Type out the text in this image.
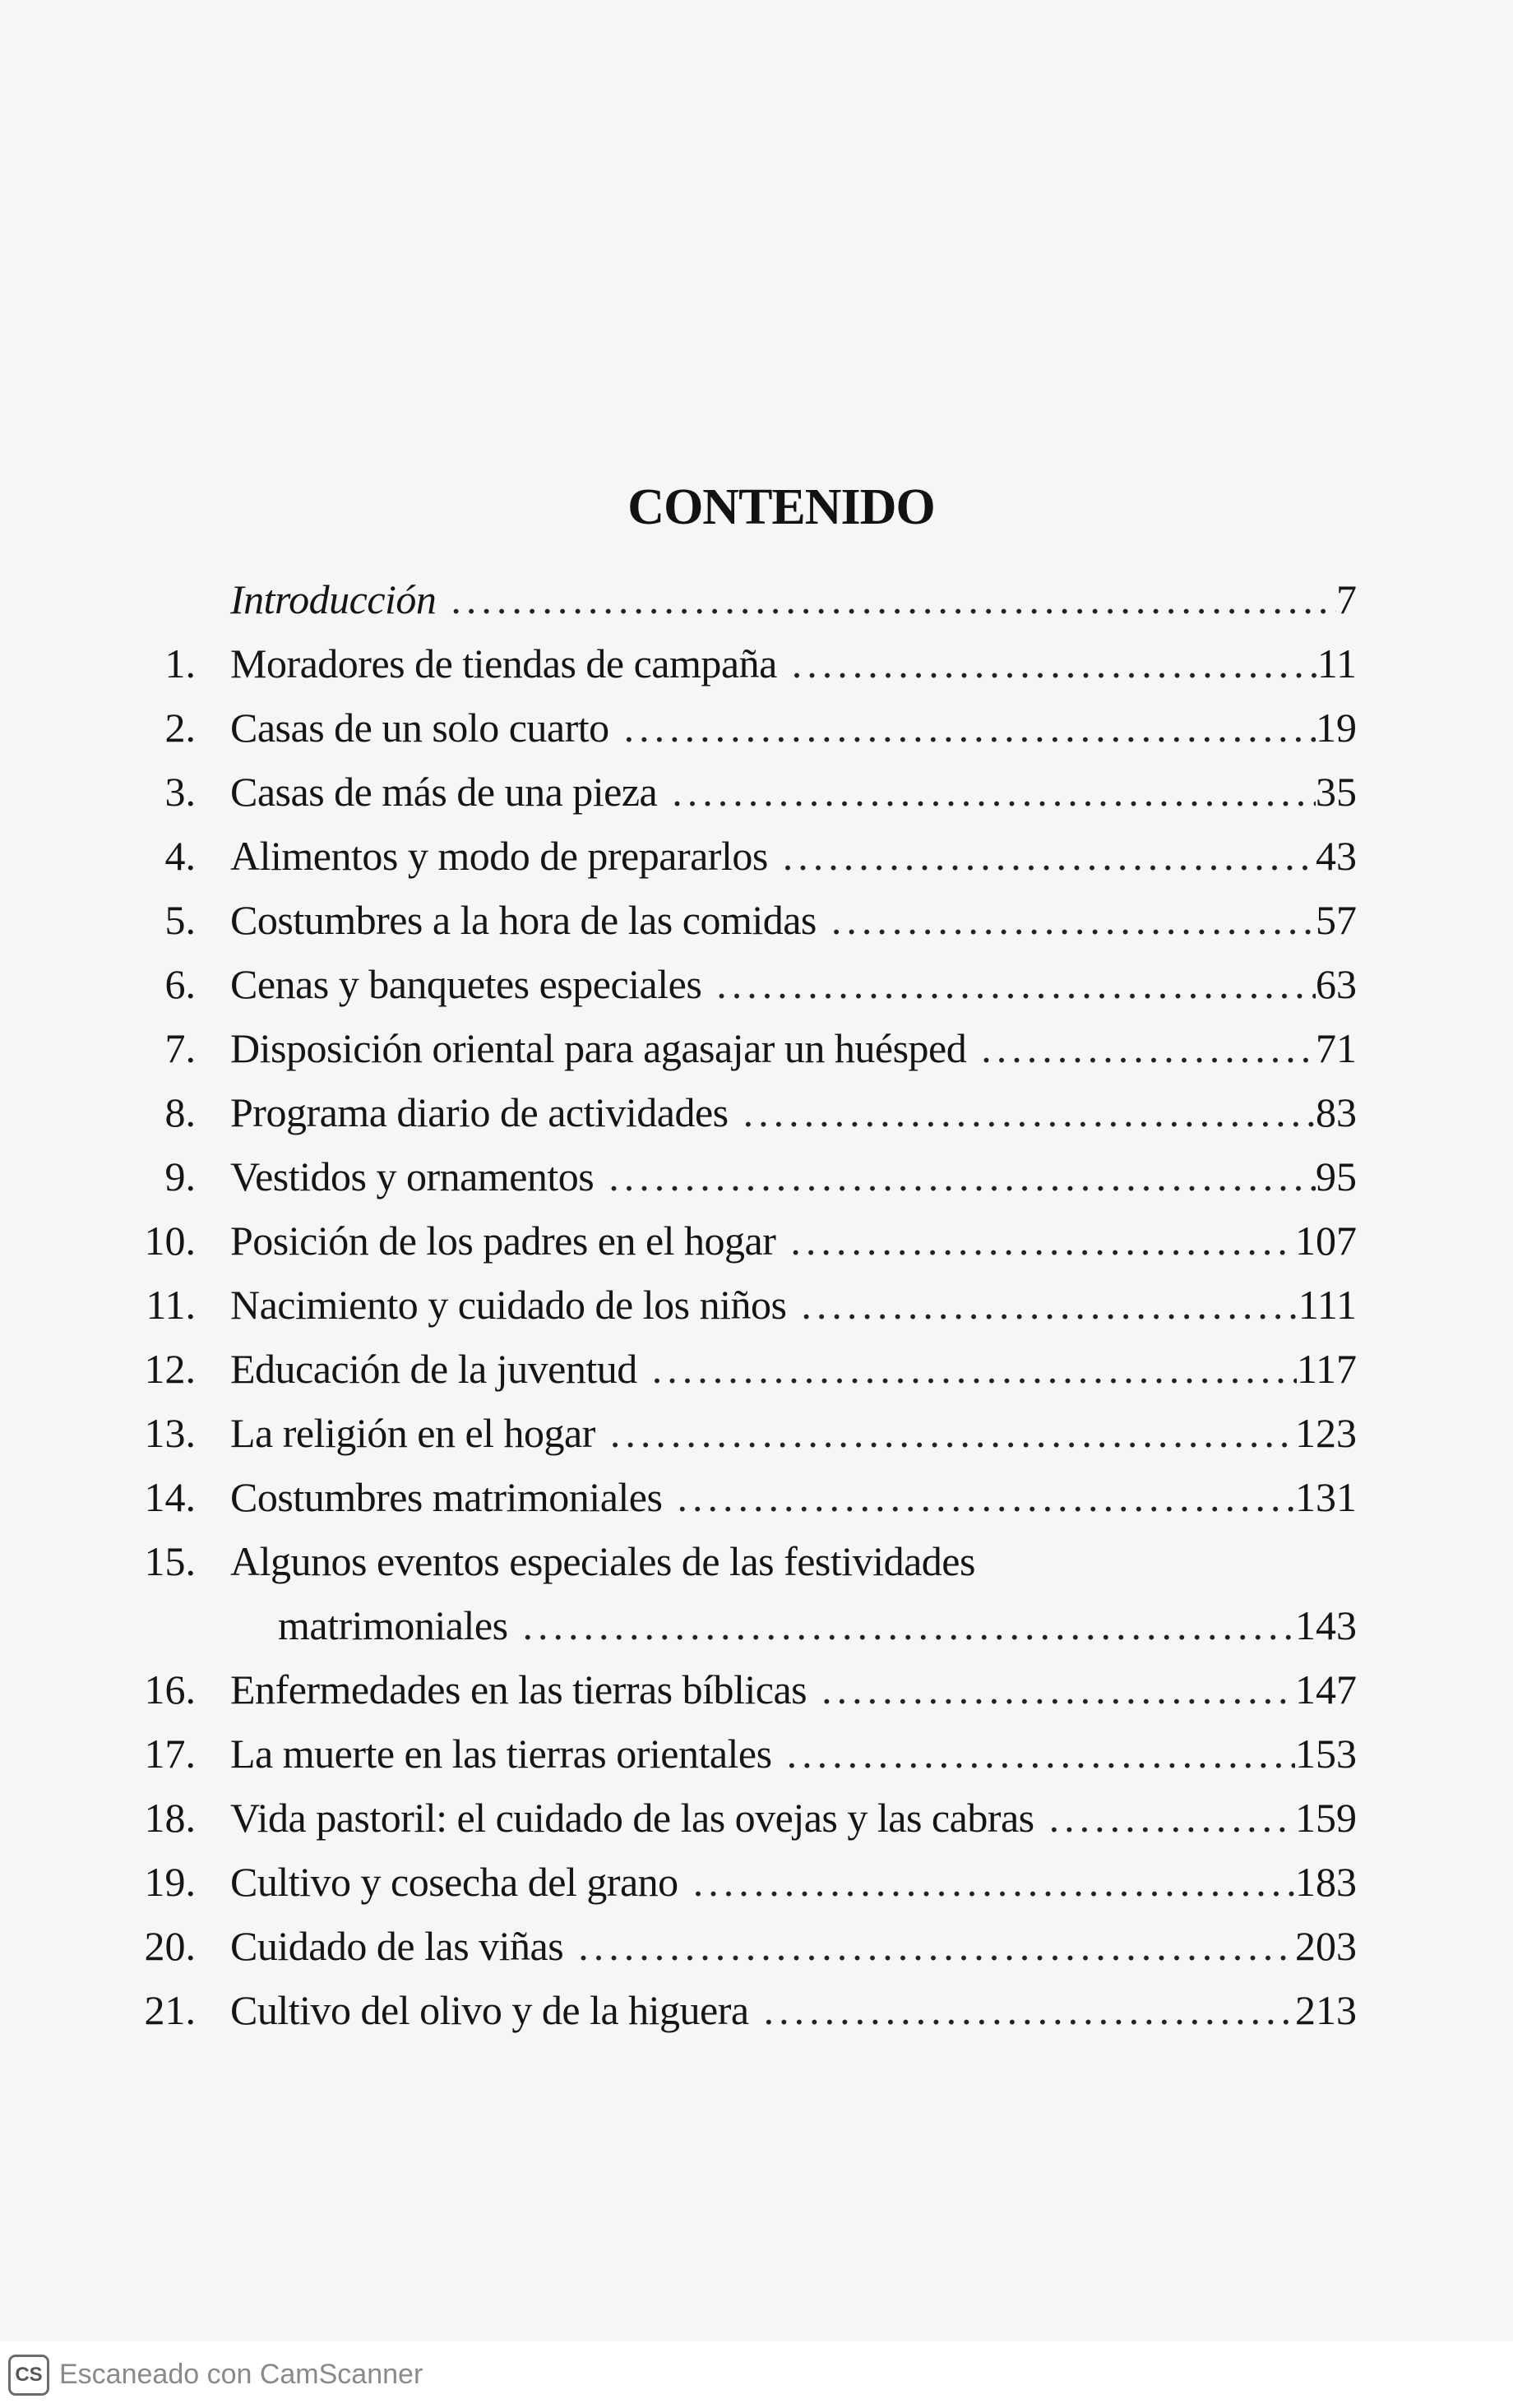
CONTENIDO
Introducción .....	7
1. Moradores de tiendas de campaña .....	11
2. Casas de un solo cuarto .....	19
3. Casas de más de una pieza .....	35
4. Alimentos y modo de prepararlos .....	43
5. Costumbres a la hora de las comidas .....	57
6. Cenas y banquetes especiales .....	63
7. Disposición oriental para agasajar un huésped .....	71
8. Programa diario de actividades .....	83
9. Vestidos y ornamentos .....	95
10. Posición de los padres en el hogar .....	107
11. Nacimiento y cuidado de los niños .....	111
12. Educación de la juventud .....	117
13. La religión en el hogar .....	123
14. Costumbres matrimoniales .....	131
15. Algunos eventos especiales de las festividades
matrimoniales .....	143
16. Enfermedades en las tierras bíblicas .....	147
17. La muerte en las tierras orientales .....	153
18. Vida pastoril: el cuidado de las ovejas y las cabras .....	159
19. Cultivo y cosecha del grano .....	183
20. Cuidado de las viñas .....	203
21. Cultivo del olivo y de la higuera .....	213
CS Escaneado con CamScanner
